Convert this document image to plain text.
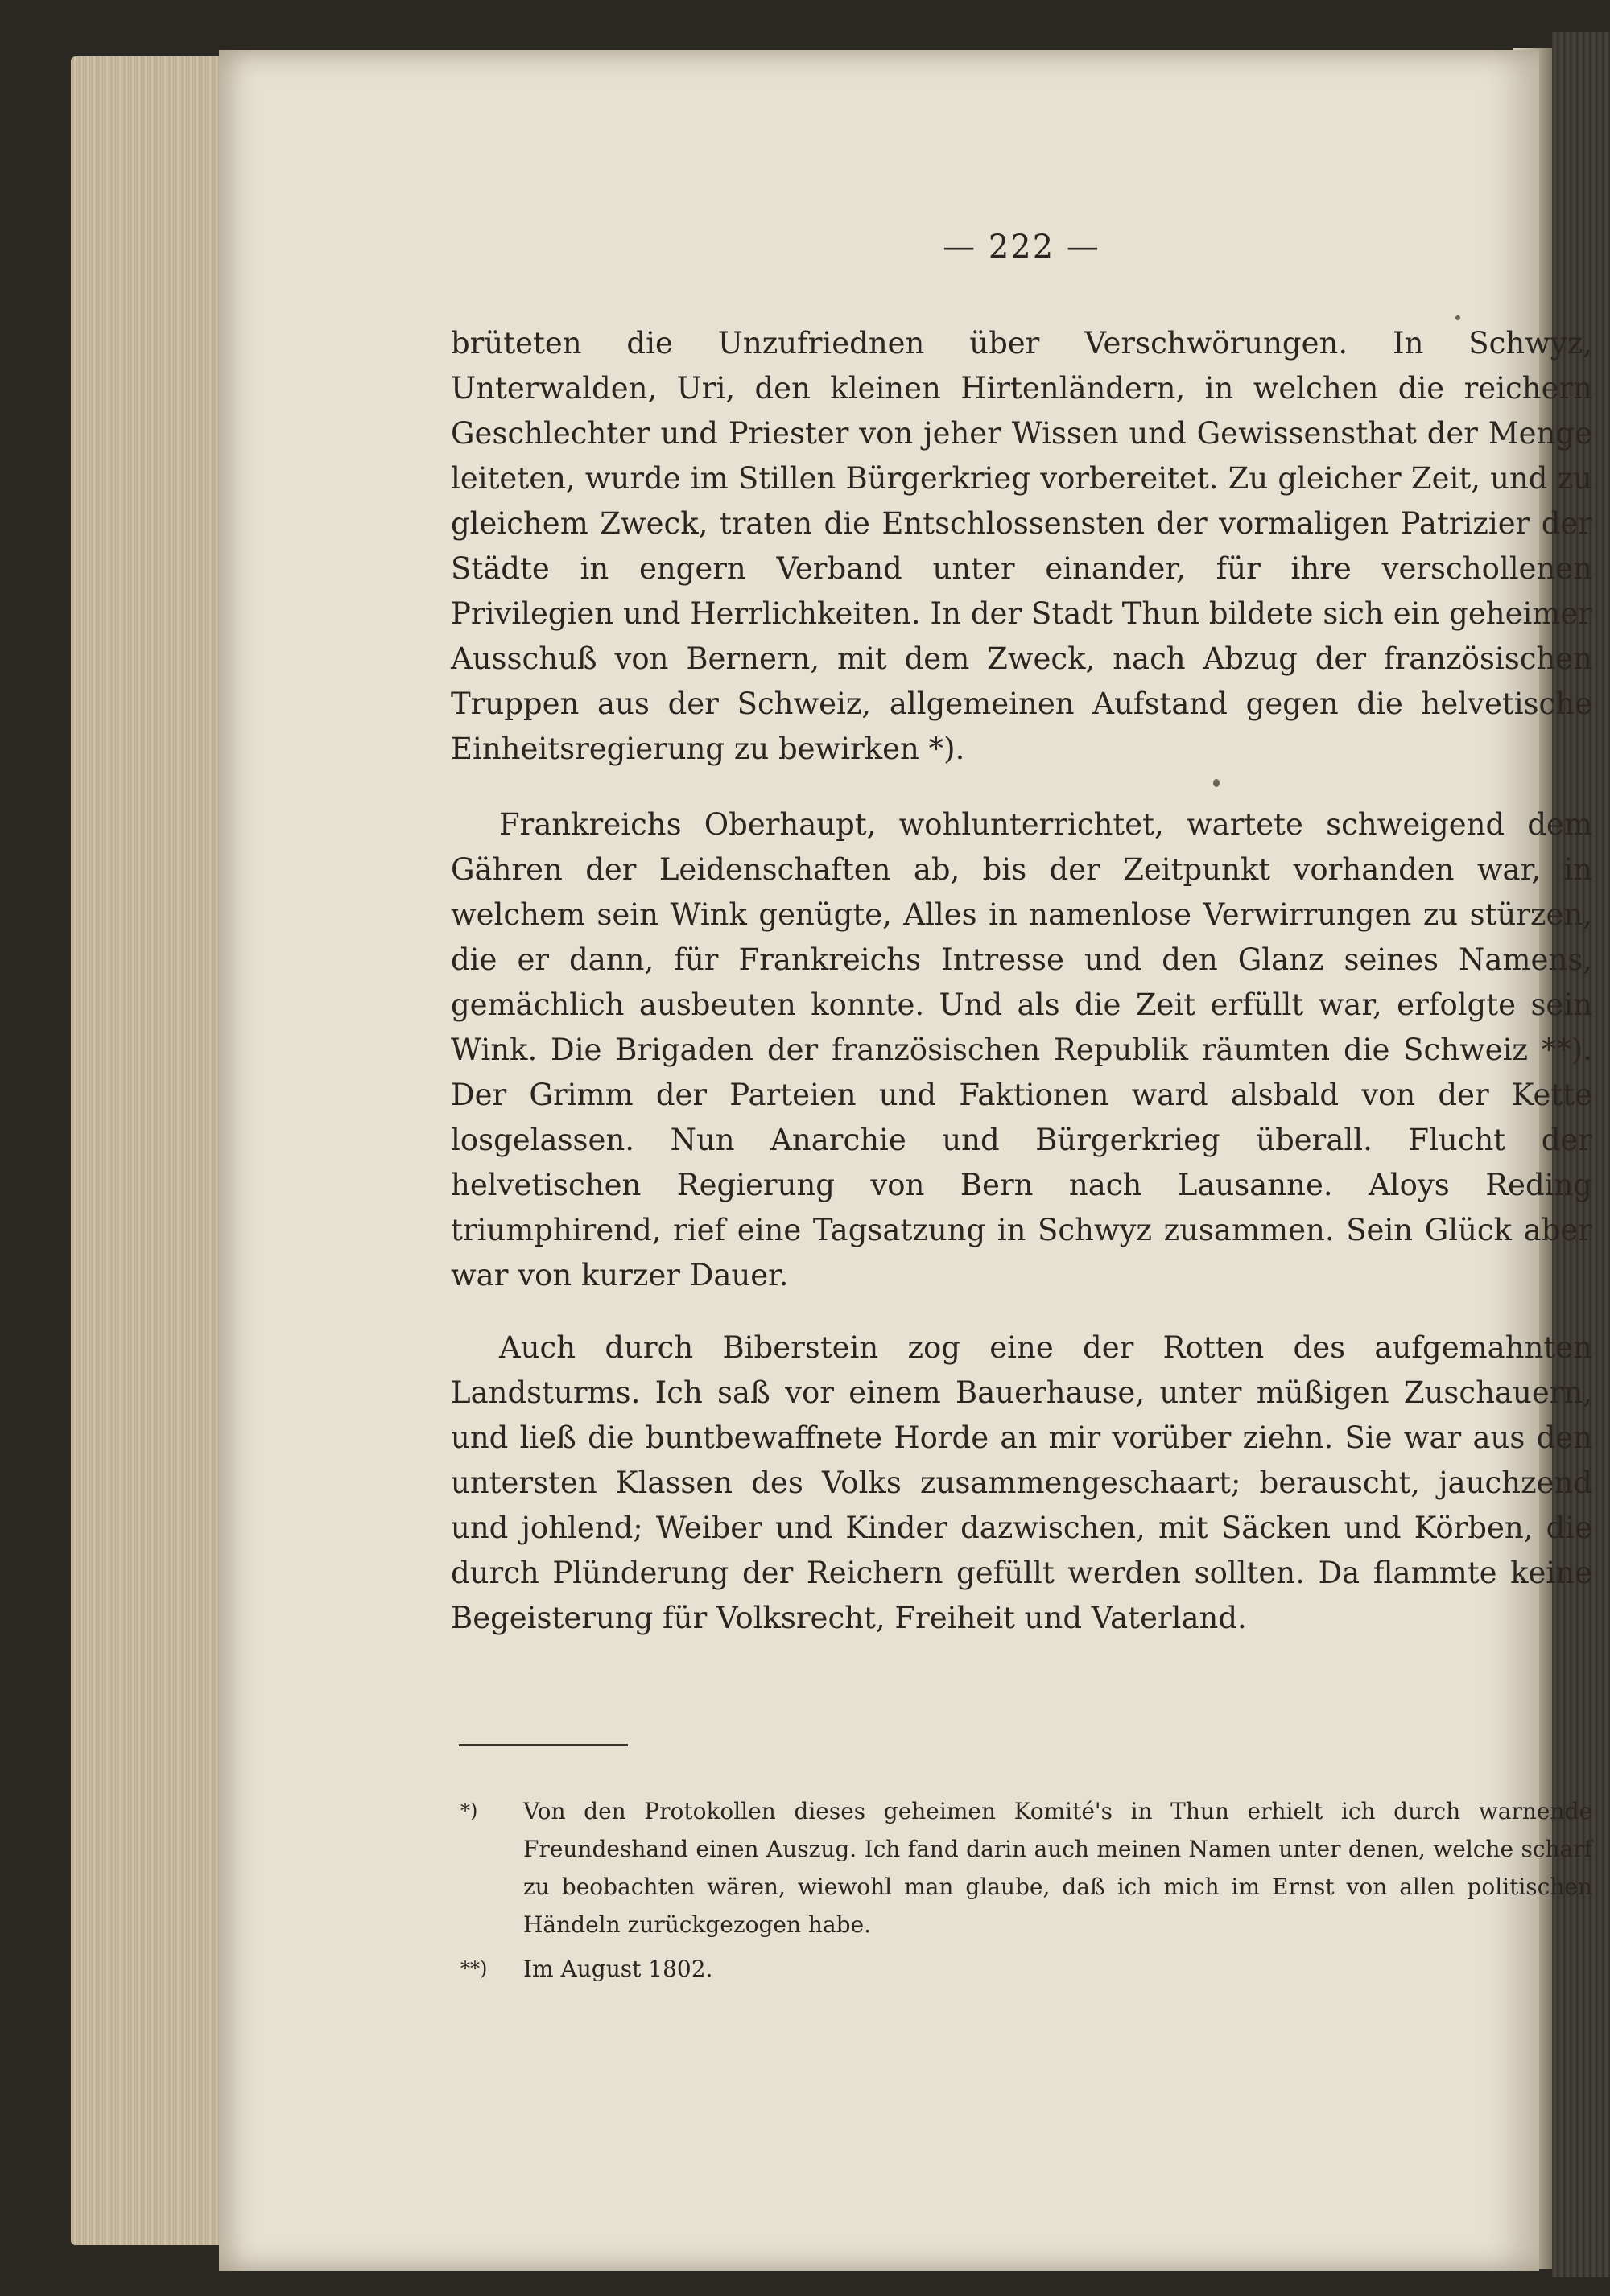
— 222 —

brüteten die Unzufriednen über Verschwörungen. In Schwyz, Unterwalden, Uri, den kleinen Hirtenländern, in welchen die reichern Geschlechter und Priester von jeher Wissen und Gewissensthat der Menge leiteten, wurde im Stillen Bürgerkrieg vorbereitet. Zu gleicher Zeit, und zu gleichem Zweck, traten die Entschlossensten der vormaligen Patrizier der Städte in engern Verband unter einander, für ihre verschollenen Privilegien und Herrlichkeiten. In der Stadt Thun bildete sich ein geheimer Ausschuß von Bernern, mit dem Zweck, nach Abzug der französischen Truppen aus der Schweiz, allgemeinen Aufstand gegen die helvetische Einheitsregierung zu bewirken *).

Frankreichs Oberhaupt, wohlunterrichtet, wartete schweigend dem Gähren der Leidenschaften ab, bis der Zeitpunkt vorhanden war, in welchem sein Wink genügte, Alles in namenlose Verwirrungen zu stürzen, die er dann, für Frankreichs Intresse und den Glanz seines Namens, gemächlich ausbeuten konnte. Und als die Zeit erfüllt war, erfolgte sein Wink. Die Brigaden der französischen Republik räumten die Schweiz **). Der Grimm der Parteien und Faktionen ward alsbald von der Kette losgelassen. Nun Anarchie und Bürgerkrieg überall. Flucht der helvetischen Regierung von Bern nach Lausanne. Aloys Reding triumphirend, rief eine Tagsatzung in Schwyz zusammen. Sein Glück aber war von kurzer Dauer.

Auch durch Biberstein zog eine der Rotten des aufgemahnten Landsturms. Ich saß vor einem Bauerhause, unter müßigen Zuschauern, und ließ die buntbewaffnete Horde an mir vorüber ziehn. Sie war aus den untersten Klassen des Volks zusammengeschaart; berauscht, jauchzend und johlend; Weiber und Kinder dazwischen, mit Säcken und Körben, die durch Plünderung der Reichern gefüllt werden sollten. Da flammte keine Begeisterung für Volksrecht, Freiheit und Vaterland.

*) Von den Protokollen dieses geheimen Komité's in Thun erhielt ich durch warnende Freundeshand einen Auszug. Ich fand darin auch meinen Namen unter denen, welche scharf zu beobachten wären, wiewohl man glaube, daß ich mich im Ernst von allen politischen Händeln zurückgezogen habe.
**) Im August 1802.
